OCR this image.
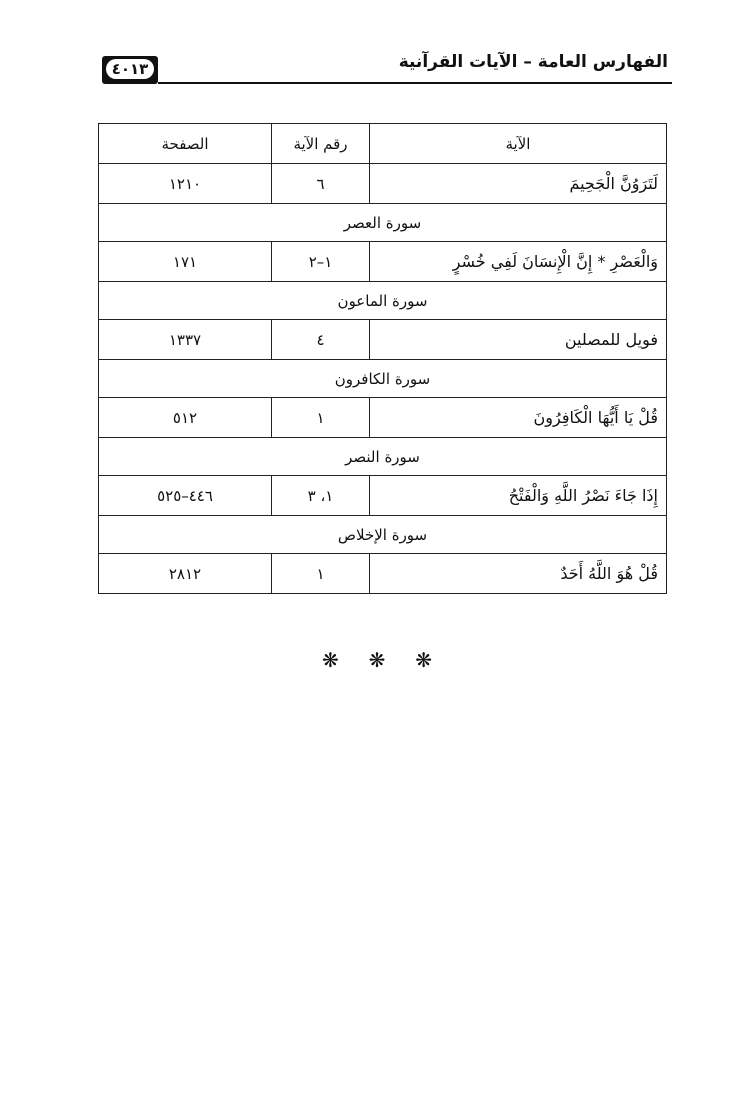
٤٠١٣	الفهارس العامة – الآيات القرآنية
الآية	رقم الآية	الصفحة
لَتَرَوُنَّ الْجَحِيمَ	٦	١٢١٠
سورة العصر		
وَالْعَصْرِ * إِنَّ الْإِنسَانَ لَفِي خُسْرٍ	١–٢	١٧١
سورة الماعون		
فويل للمصلين	٤	١٣٣٧
سورة الكافرون		
قُلْ يَا أَيُّهَا الْكَافِرُونَ	١	٥١٢
سورة النصر		
إِذَا جَاءَ نَصْرُ اللَّهِ وَالْفَتْحُ	١، ٣	٤٤٦–٥٢٥
سورة الإخلاص		
قُلْ هُوَ اللَّهُ أَحَدٌ	١	٢٨١٢
❋ ❋ ❋
